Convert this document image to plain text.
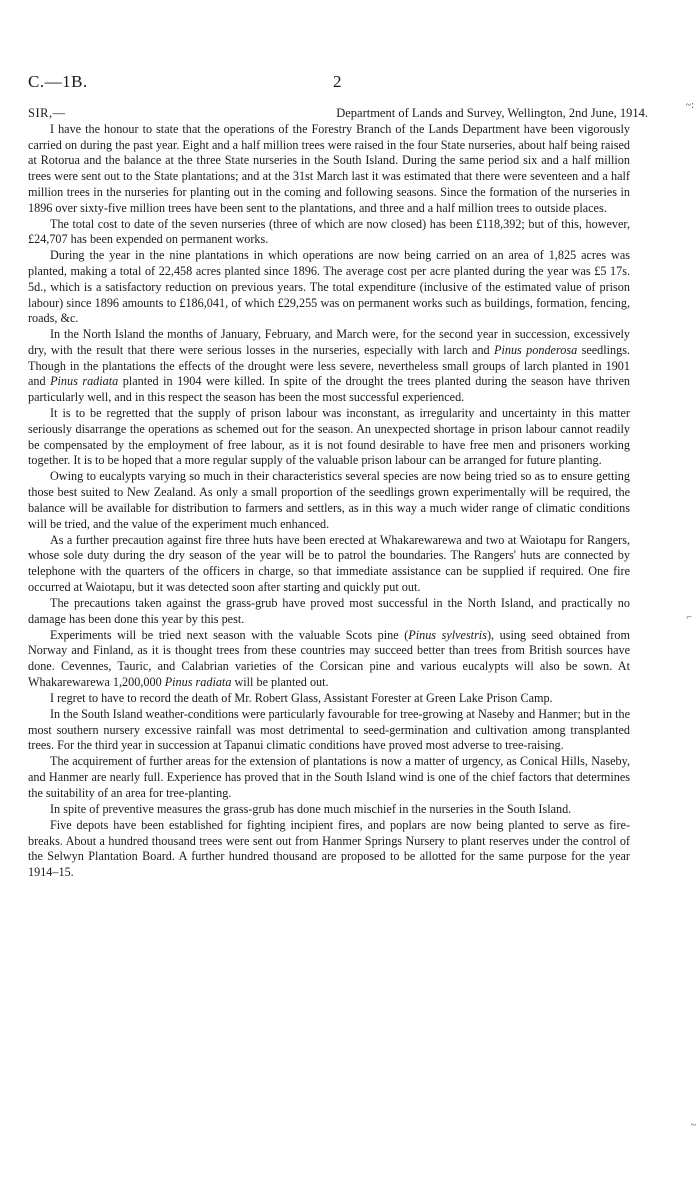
C.—1B.	2
SIR,—	Department of Lands and Survey, Wellington, 2nd June, 1914.

I have the honour to state that the operations of the Forestry Branch of the Lands Department have been vigorously carried on during the past year. Eight and a half million trees were raised in the four State nurseries, about half being raised at Rotorua and the balance at the three State nurseries in the South Island. During the same period six and a half million trees were sent out to the State plantations; and at the 31st March last it was estimated that there were seventeen and a half million trees in the nurseries for planting out in the coming and following seasons. Since the formation of the nurseries in 1896 over sixty-five million trees have been sent to the plantations, and three and a half million trees to outside places.

The total cost to date of the seven nurseries (three of which are now closed) has been £118,392; but of this, however, £24,707 has been expended on permanent works.

During the year in the nine plantations in which operations are now being carried on an area of 1,825 acres was planted, making a total of 22,458 acres planted since 1896. The average cost per acre planted during the year was £5 17s. 5d., which is a satisfactory reduction on previous years. The total expenditure (inclusive of the estimated value of prison labour) since 1896 amounts to £186,041, of which £29,255 was on permanent works such as buildings, formation, fencing, roads, &c.

In the North Island the months of January, February, and March were, for the second year in succession, excessively dry, with the result that there were serious losses in the nurseries, especially with larch and Pinus ponderosa seedlings. Though in the plantations the effects of the drought were less severe, nevertheless small groups of larch planted in 1901 and Pinus radiata planted in 1904 were killed. In spite of the drought the trees planted during the season have thriven particularly well, and in this respect the season has been the most successful experienced.

It is to be regretted that the supply of prison labour was inconstant, as irregularity and uncertainty in this matter seriously disarrange the operations as schemed out for the season. An unexpected shortage in prison labour cannot readily be compensated by the employment of free labour, as it is not found desirable to have free men and prisoners working together. It is to be hoped that a more regular supply of the valuable prison labour can be arranged for future planting.

Owing to eucalypts varying so much in their characteristics several species are now being tried so as to ensure getting those best suited to New Zealand. As only a small proportion of the seedlings grown experimentally will be required, the balance will be available for distribution to farmers and settlers, as in this way a much wider range of climatic conditions will be tried, and the value of the experiment much enhanced.

As a further precaution against fire three huts have been erected at Whakarewarewa and two at Waiotapu for Rangers, whose sole duty during the dry season of the year will be to patrol the boundaries. The Rangers' huts are connected by telephone with the quarters of the officers in charge, so that immediate assistance can be supplied if required. One fire occurred at Waiotapu, but it was detected soon after starting and quickly put out.

The precautions taken against the grass-grub have proved most successful in the North Island, and practically no damage has been done this year by this pest.

Experiments will be tried next season with the valuable Scots pine (Pinus sylvestris), using seed obtained from Norway and Finland, as it is thought trees from these countries may succeed better than trees from British sources have done. Cevennes, Tauric, and Calabrian varieties of the Corsican pine and various eucalypts will also be sown. At Whakarewarewa 1,200,000 Pinus radiata will be planted out.

I regret to have to record the death of Mr. Robert Glass, Assistant Forester at Green Lake Prison Camp.

In the South Island weather-conditions were particularly favourable for tree-growing at Naseby and Hanmer; but in the most southern nursery excessive rainfall was most detrimental to seed-germination and cultivation among transplanted trees. For the third year in succession at Tapanui climatic conditions have proved most adverse to tree-raising.

The acquirement of further areas for the extension of plantations is now a matter of urgency, as Conical Hills, Naseby, and Hanmer are nearly full. Experience has proved that in the South Island wind is one of the chief factors that determines the suitability of an area for tree-planting.

In spite of preventive measures the grass-grub has done much mischief in the nurseries in the South Island.

Five depots have been established for fighting incipient fires, and poplars are now being planted to serve as fire-breaks. About a hundred thousand trees were sent out from Hanmer Springs Nursery to plant reserves under the control of the Selwyn Plantation Board. A further hundred thousand are proposed to be allotted for the same purpose for the year 1914–15.

~:
⌐
~
